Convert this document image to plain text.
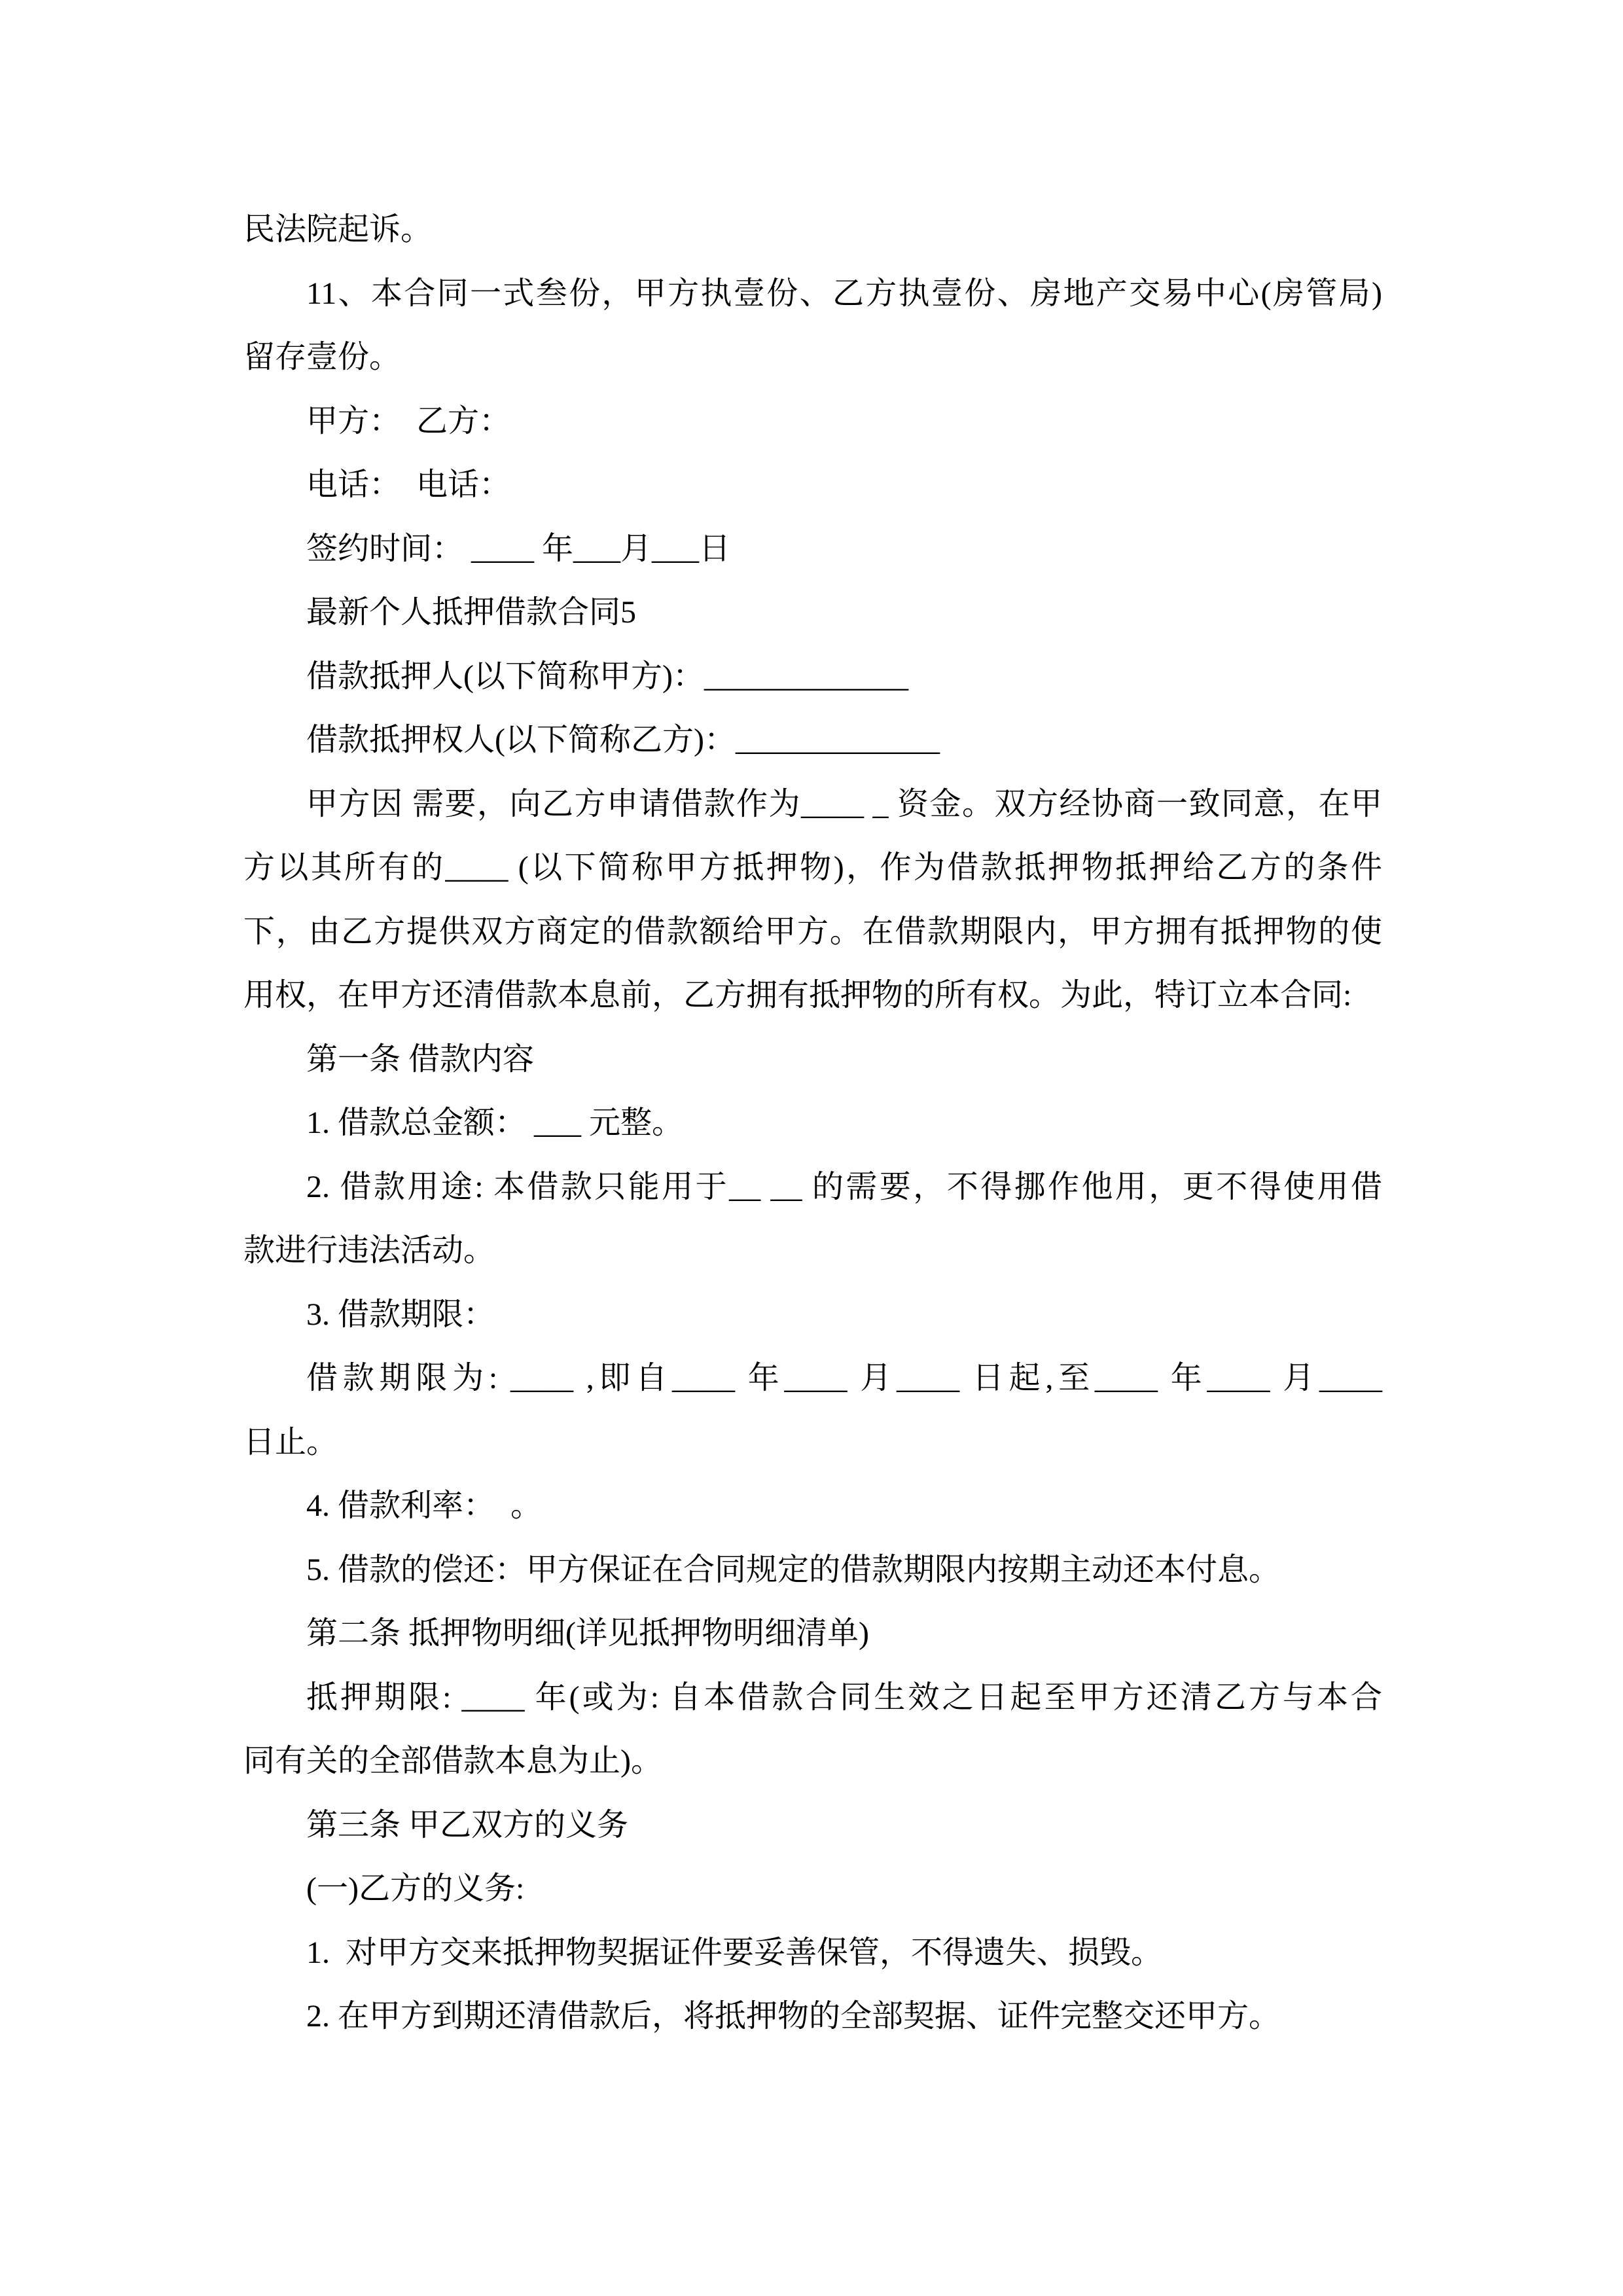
民法院起诉。
11、本合同一式叁份，甲方执壹份、乙方执壹份、房地产交易中心(房管局)
留存壹份。
甲方：  乙方：
电话：  电话：
签约时间： ____ 年___月___日
最新个人抵押借款合同5
借款抵押人(以下简称甲方)：_____________
借款抵押权人(以下简称乙方)：_____________
甲方因 需要，向乙方申请借款作为____ _ 资金。双方经协商一致同意，在甲
方以其所有的____ (以下简称甲方抵押物)，作为借款抵押物抵押给乙方的条件
下，由乙方提供双方商定的借款额给甲方。在借款期限内，甲方拥有抵押物的使
用权，在甲方还清借款本息前，乙方拥有抵押物的所有权。为此，特订立本合同:
第一条 借款内容
1. 借款总金额： ___ 元整。
2. 借款用途: 本借款只能用于__ __ 的需要，不得挪作他用，更不得使用借
款进行违法活动。
3. 借款期限：
借款期限为: ____ ,即自____ 年____ 月____ 日起,至____ 年____ 月____
日止。
4. 借款利率：  。
5. 借款的偿还：甲方保证在合同规定的借款期限内按期主动还本付息。
第二条 抵押物明细(详见抵押物明细清单)
抵押期限: ____ 年(或为: 自本借款合同生效之日起至甲方还清乙方与本合
同有关的全部借款本息为止)。
第三条 甲乙双方的义务
(一)乙方的义务:
1.  对甲方交来抵押物契据证件要妥善保管，不得遗失、损毁。
2. 在甲方到期还清借款后，将抵押物的全部契据、证件完整交还甲方。
